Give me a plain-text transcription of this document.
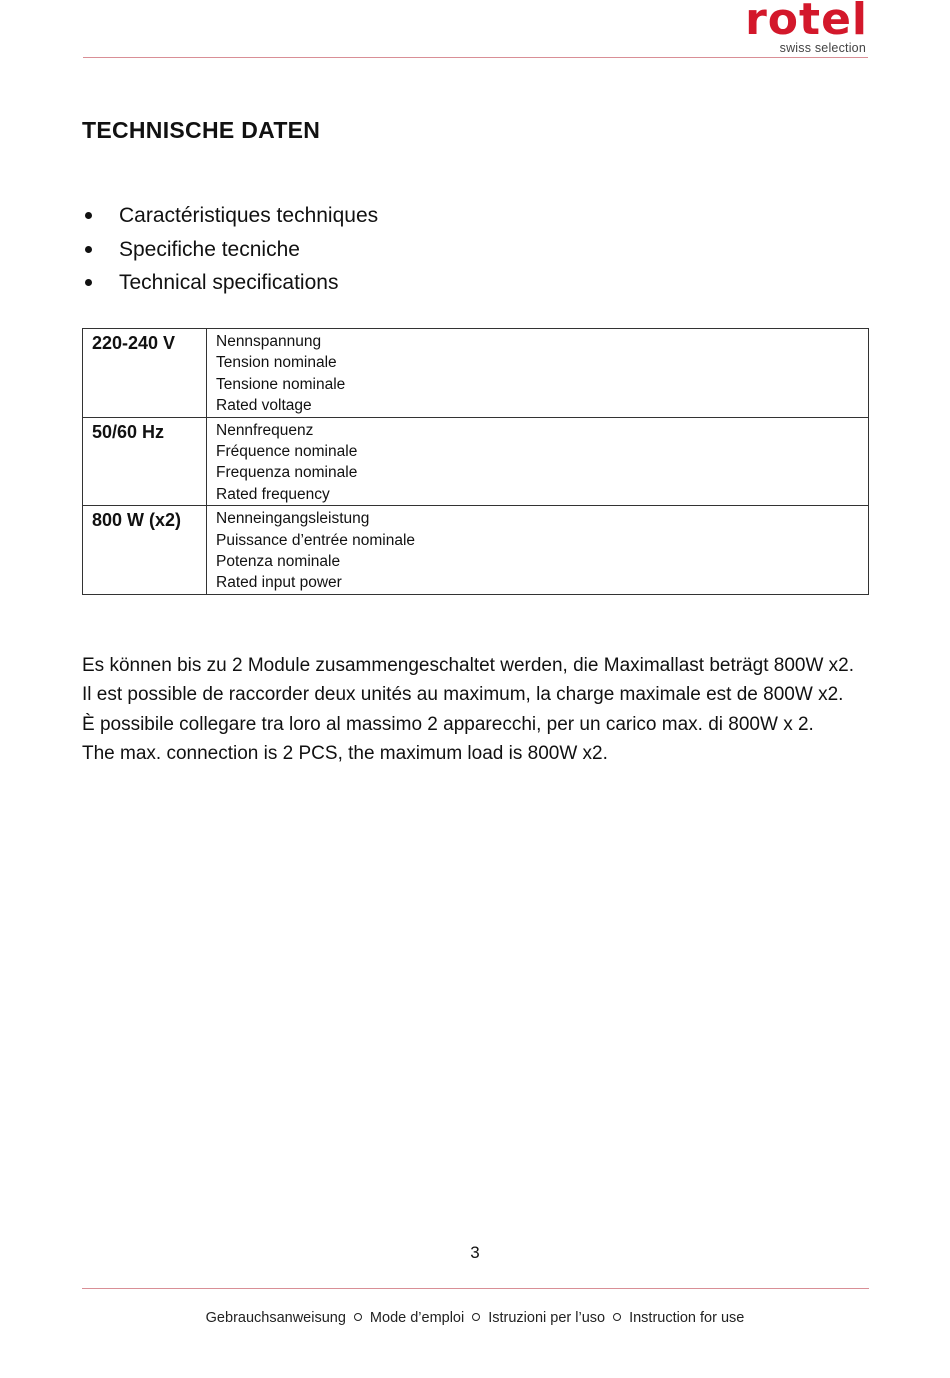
rotel
swiss selection
TECHNISCHE DATEN
Caractéristiques techniques
Specifiche tecniche
Technical specifications
220-240 V	Nennspannung
Tension nominale
Tensione nominale
Rated voltage

50/60 Hz	Nennfrequenz
Fréquence nominale
Frequenza nominale
Rated frequency

800 W (x2)	Nenneingangsleistung
Puissance d’entrée nominale
Potenza nominale
Rated input power

Es können bis zu 2 Module zusammengeschaltet werden, die Maximallast beträgt 800W x2.

Il est possible de raccorder deux unités au maximum, la charge maximale est de 800W x2.

È possibile collegare tra loro al massimo 2 apparecchi, per un carico max. di 800W x 2.

The max. connection is 2 PCS, the maximum load is 800W x2.

3
Gebrauchsanweisung Mode d’emploi Istruzioni per l’uso Instruction for use
